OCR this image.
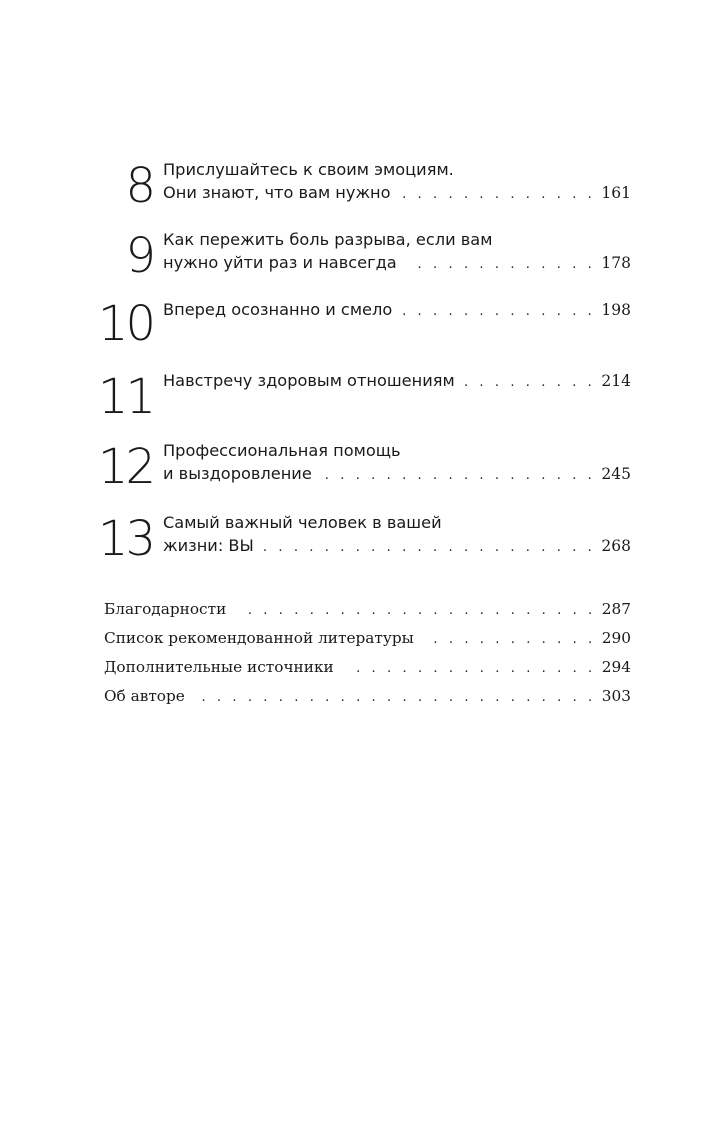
8 Прислушайтесь к своим эмоциям.
Они знают, что вам нужно . . .	161
9 Как пережить боль разрыва, если вам
нужно уйти раз и навсегда . . .	178
10 Вперед осознанно и смело . . .	198
11 Навстречу здоровым отношениям . . .	214
12 Профессиональная помощь
и выздоровление . . .	245
13 Самый важный человек в вашей
жизни: ВЫ . . .	268
Благодарности . . .	287
Список рекомендованной литературы . . .	290
Дополнительные источники . . .	294
Об авторе . . .	303
